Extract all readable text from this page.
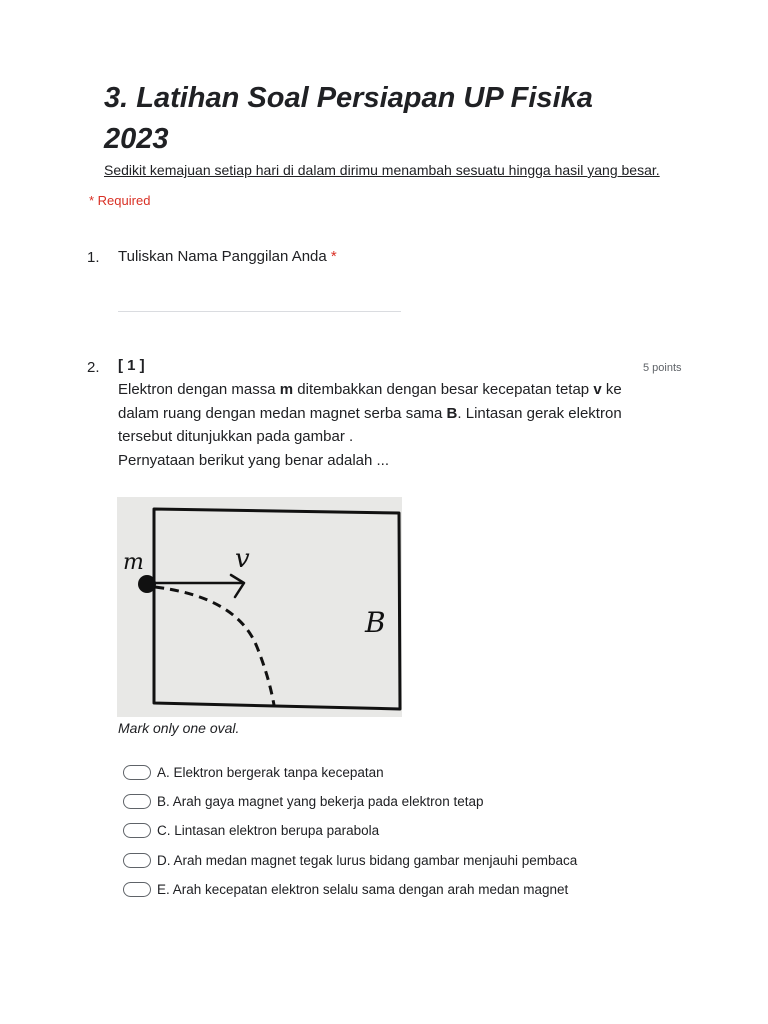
3. Latihan Soal Persiapan UP Fisika 2023
Sedikit kemajuan setiap hari di dalam dirimu menambah sesuatu hingga hasil yang besar.
* Required
1. Tuliskan Nama Panggilan Anda *
2. [ 1 ]	5 points

Elektron dengan massa m ditembakkan dengan besar kecepatan tetap v ke dalam ruang dengan medan magnet serba sama B. Lintasan gerak elektron tersebut ditunjukkan pada gambar .

Pernyataan berikut yang benar adalah ...

m	v
B
Mark only one oval.
A. Elektron bergerak tanpa kecepatan
B. Arah gaya magnet yang bekerja pada elektron tetap
C. Lintasan elektron berupa parabola
D. Arah medan magnet tegak lurus bidang gambar menjauhi pembaca
E. Arah kecepatan elektron selalu sama dengan arah medan magnet
